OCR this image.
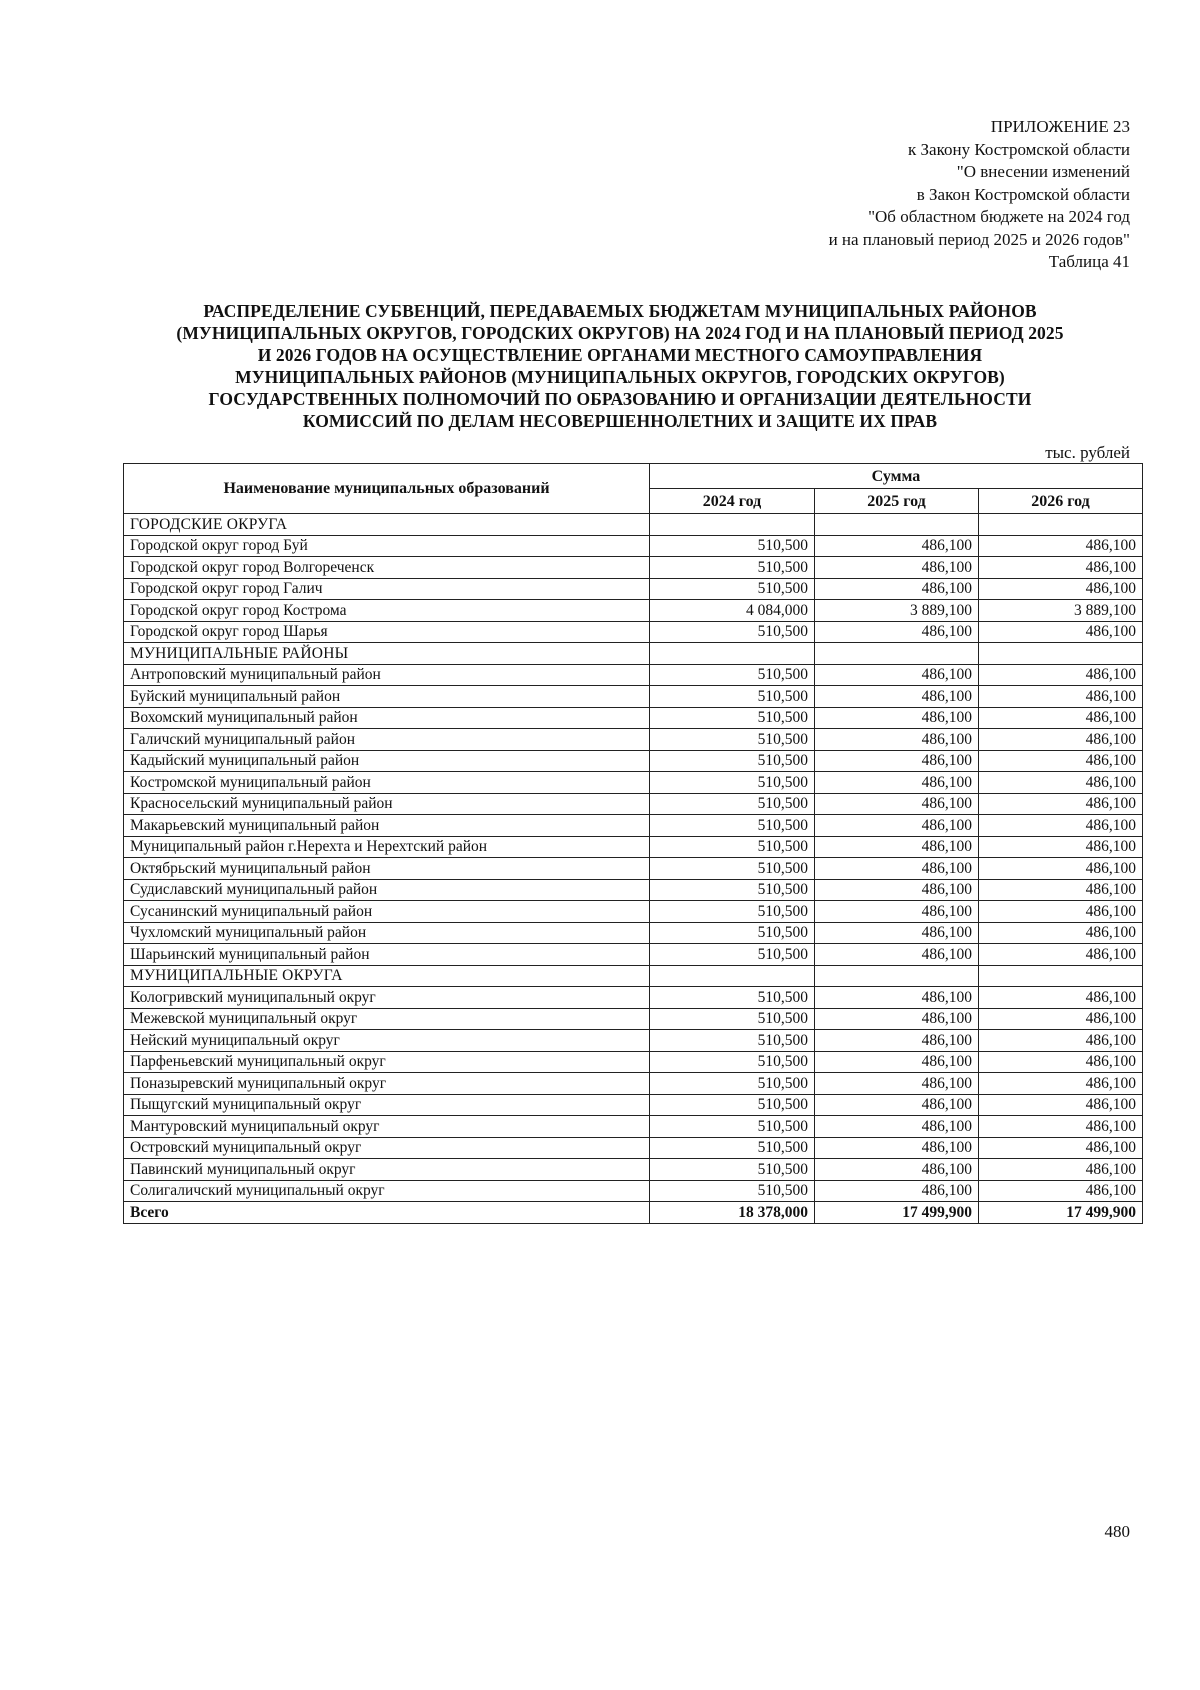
ПРИЛОЖЕНИЕ 23
к Закону Костромской области
"О внесении изменений
в Закон Костромской области
"Об областном бюджете на 2024 год
и на плановый период 2025 и 2026 годов"
Таблица 41
РАСПРЕДЕЛЕНИЕ СУБВЕНЦИЙ, ПЕРЕДАВАЕМЫХ БЮДЖЕТАМ МУНИЦИПАЛЬНЫХ РАЙОНОВ
(МУНИЦИПАЛЬНЫХ ОКРУГОВ, ГОРОДСКИХ ОКРУГОВ) НА 2024 ГОД И НА ПЛАНОВЫЙ ПЕРИОД 2025
И 2026 ГОДОВ НА ОСУЩЕСТВЛЕНИЕ ОРГАНАМИ МЕСТНОГО САМОУПРАВЛЕНИЯ
МУНИЦИПАЛЬНЫХ РАЙОНОВ (МУНИЦИПАЛЬНЫХ ОКРУГОВ, ГОРОДСКИХ ОКРУГОВ)
ГОСУДАРСТВЕННЫХ ПОЛНОМОЧИЙ ПО ОБРАЗОВАНИЮ И ОРГАНИЗАЦИИ ДЕЯТЕЛЬНОСТИ
КОМИССИЙ ПО ДЕЛАМ НЕСОВЕРШЕННОЛЕТНИХ И ЗАЩИТЕ ИХ ПРАВ
тыс. рублей
Наименование муниципальных образований	Сумма		
	2024 год	2025 год	2026 год
ГОРОДСКИЕ ОКРУГА			
Городской округ город Буй	510,500	486,100	486,100
Городской округ город Волгореченск	510,500	486,100	486,100
Городской округ город Галич	510,500	486,100	486,100
Городской округ город Кострома	4 084,000	3 889,100	3 889,100
Городской округ город Шарья	510,500	486,100	486,100
МУНИЦИПАЛЬНЫЕ РАЙОНЫ			
Антроповский муниципальный район	510,500	486,100	486,100
Буйский муниципальный район	510,500	486,100	486,100
Вохомский муниципальный район	510,500	486,100	486,100
Галичский муниципальный район	510,500	486,100	486,100
Кадыйский муниципальный район	510,500	486,100	486,100
Костромской муниципальный район	510,500	486,100	486,100
Красносельский муниципальный район	510,500	486,100	486,100
Макарьевский муниципальный район	510,500	486,100	486,100
Муниципальный район г.Нерехта и Нерехтский район	510,500	486,100	486,100
Октябрьский муниципальный район	510,500	486,100	486,100
Судиславский муниципальный район	510,500	486,100	486,100
Сусанинский муниципальный район	510,500	486,100	486,100
Чухломский муниципальный район	510,500	486,100	486,100
Шарьинский муниципальный район	510,500	486,100	486,100
МУНИЦИПАЛЬНЫЕ ОКРУГА			
Кологривский муниципальный округ	510,500	486,100	486,100
Межевской муниципальный округ	510,500	486,100	486,100
Нейский муниципальный округ	510,500	486,100	486,100
Парфеньевский муниципальный округ	510,500	486,100	486,100
Поназыревский муниципальный округ	510,500	486,100	486,100
Пыщугский муниципальный округ	510,500	486,100	486,100
Мантуровский муниципальный округ	510,500	486,100	486,100
Островский муниципальный округ	510,500	486,100	486,100
Павинский муниципальный округ	510,500	486,100	486,100
Солигаличский муниципальный округ	510,500	486,100	486,100
Всего	18 378,000	17 499,900	17 499,900
480
